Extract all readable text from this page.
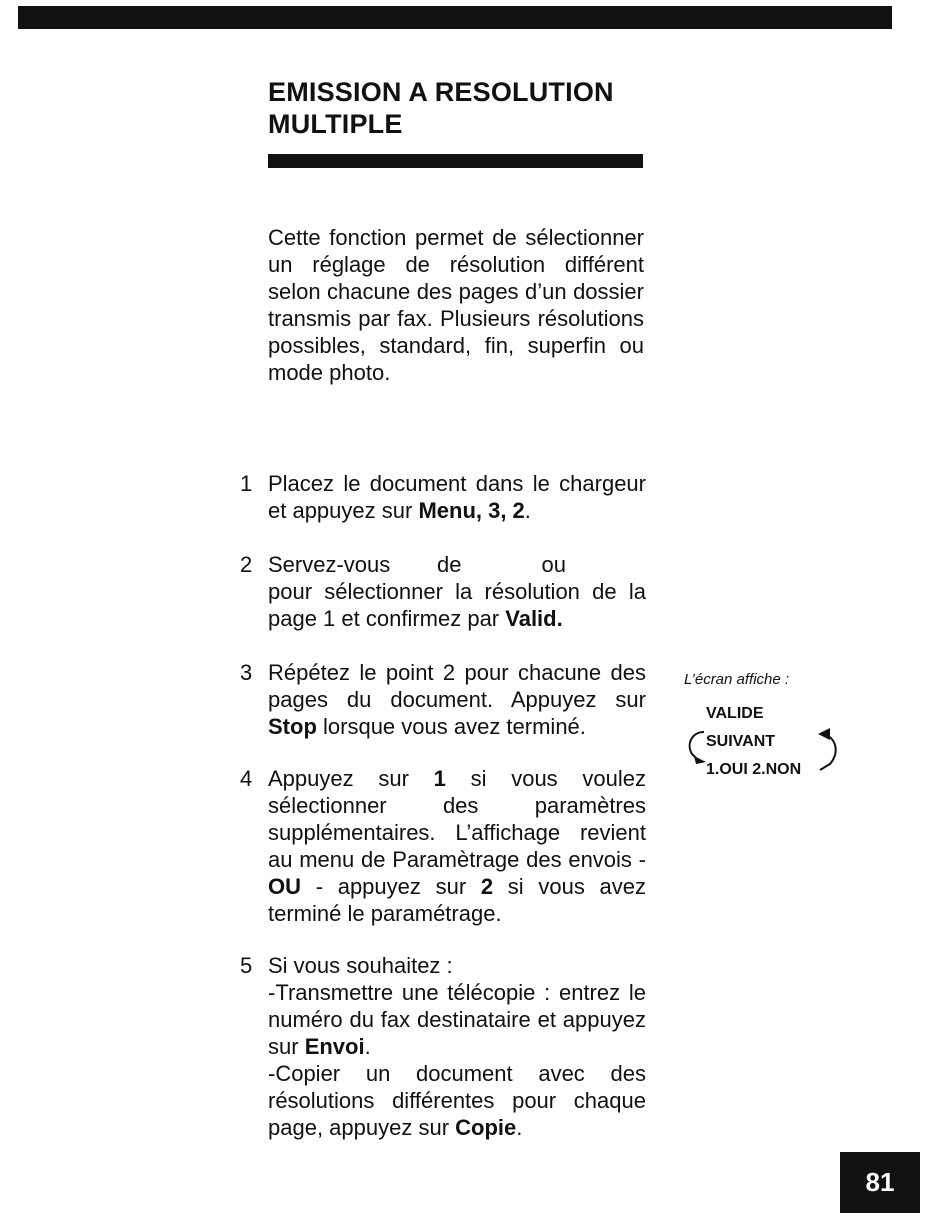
EMISSION A RESOLUTION
MULTIPLE

Cette fonction permet de sélectionner un réglage de résolution différent selon chacune des pages d’un dossier transmis par fax. Plusieurs résolutions possibles, standard, fin, superfin ou mode photo.

1 Placez le document dans le chargeur et appuyez sur Menu, 3, 2.
2 Servez-vous de	ou pour sélectionner la résolution de la page 1 et confirmez par Valid.
3 Répétez le point 2 pour chacune des pages du document. Appuyez sur Stop lorsque vous avez terminé.
4 Appuyez sur 1 si vous voulez sélectionner des paramètres supplémentaires. L’affichage revient au menu de Paramètrage des envois - OU - appuyez sur 2 si vous avez terminé le paramétrage.
5 Si vous souhaitez :

-Transmettre une télécopie : entrez le numéro du fax destinataire et appuyez sur Envoi.

-Copier un document avec des résolutions différentes pour chaque page, appuyez sur Copie.

L’écran affiche :
VALIDE
SUIVANT
1.OUI 2.NON
81
